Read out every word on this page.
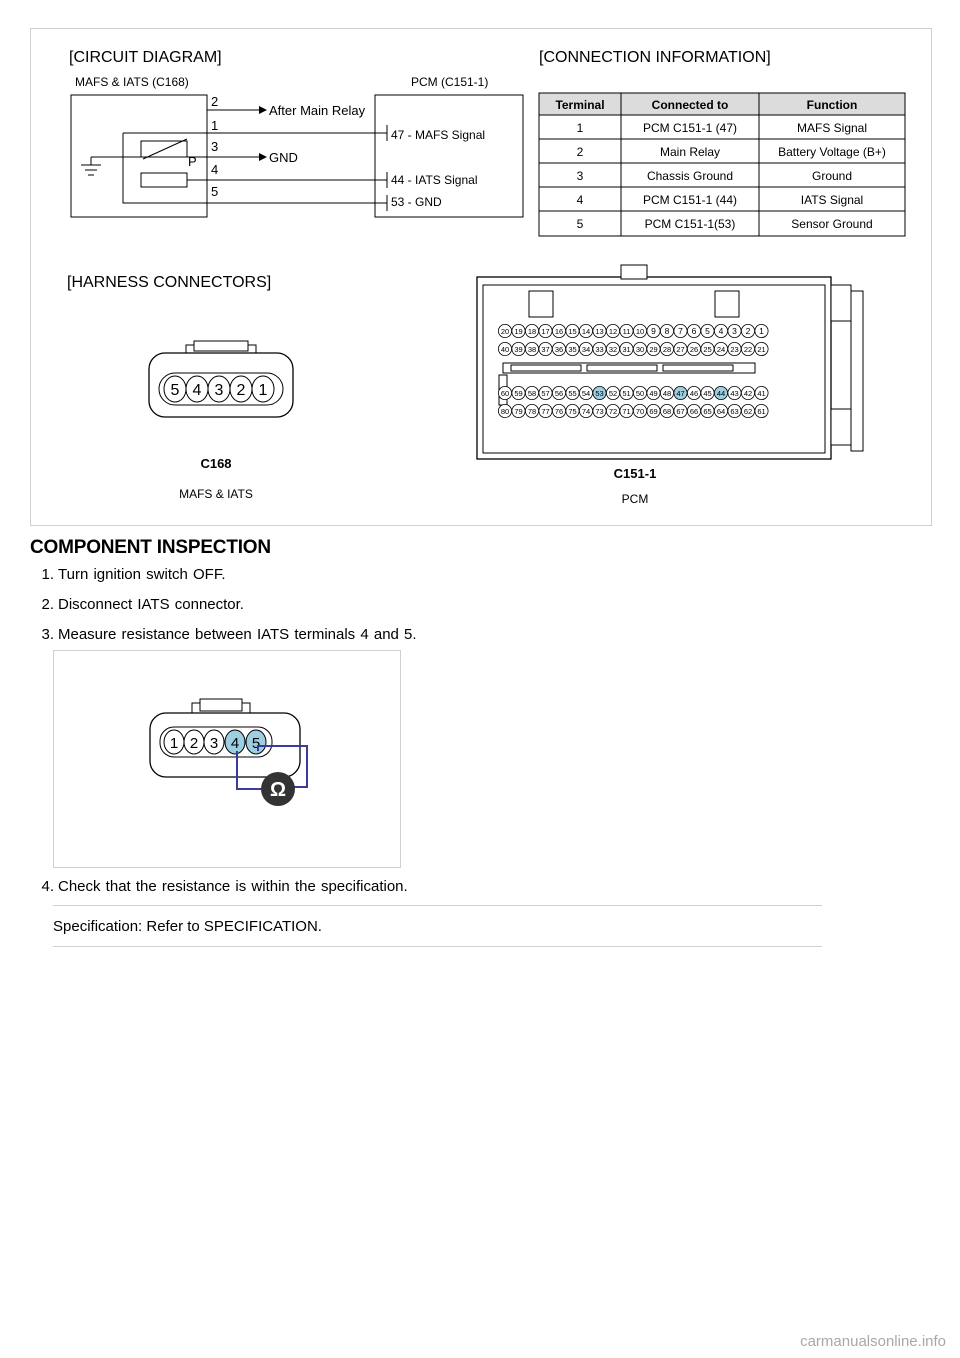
[CIRCUIT DIAGRAM]	[CONNECTION INFORMATION]
[HARNESS CONNECTORS]
MAFS & IATS (C168)	PCM (C151-1)
2
1
3
4
5
After Main Relay
47 - MAFS Signal
P	GND
44 - IATS Signal
53 - GND
Terminal	Connected to	Function
1	PCM C151-1 (47)	MAFS Signal
2	Main Relay	Battery Voltage (B+)
3	Chassis Ground	Ground
4	PCM C151-1 (44)	IATS Signal
5	PCM C151-1(53)	Sensor Ground
5 4 3 2 1
C168
MAFS & IATS
20 19 18 17 16 15 14 13 12 11 10 9 8 7 6 5 4 3 2 1
40 39 38 37 36 35 34 33 32 31 30 29 28 27 26 25 24 23 22 21
60 59 58 57 56 55 54 53 52 51 50 49 48 47 46 45 44 43 42 41
80 79 78 77 76 75 74 73 72 71 70 69 68 67 66 65 64 63 62 61
C151-1
PCM
COMPONENT INSPECTION
1. Turn ignition switch OFF.
2. Disconnect IATS connector.
3. Measure resistance between IATS terminals 4 and 5.
1 2 3 4 5
Ω
4. Check that the resistance is within the specification.
Specification: Refer to SPECIFICATION.
carmanualsonline.info
